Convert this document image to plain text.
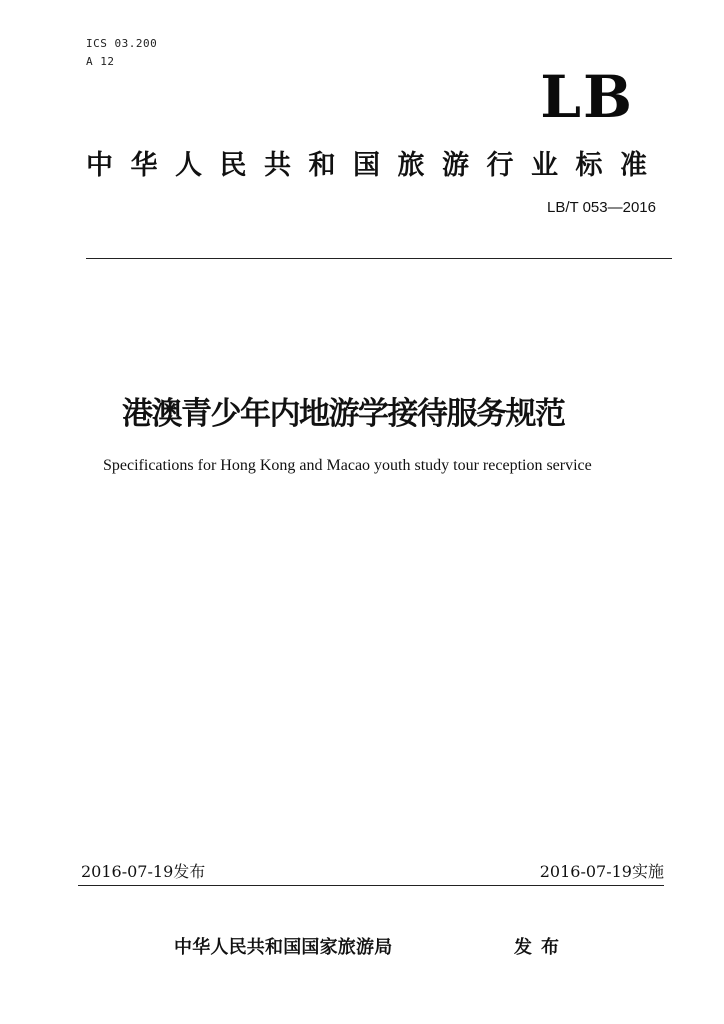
ICS 03.200
A 12
LB
中华人民共和国旅游行业标准
LB/T 053—2016
港澳青少年内地游学接待服务规范
Specifications for Hong Kong and Macao youth study tour reception service
2016-07-19发布	2016-07-19实施
中华人民共和国国家旅游局	发布
